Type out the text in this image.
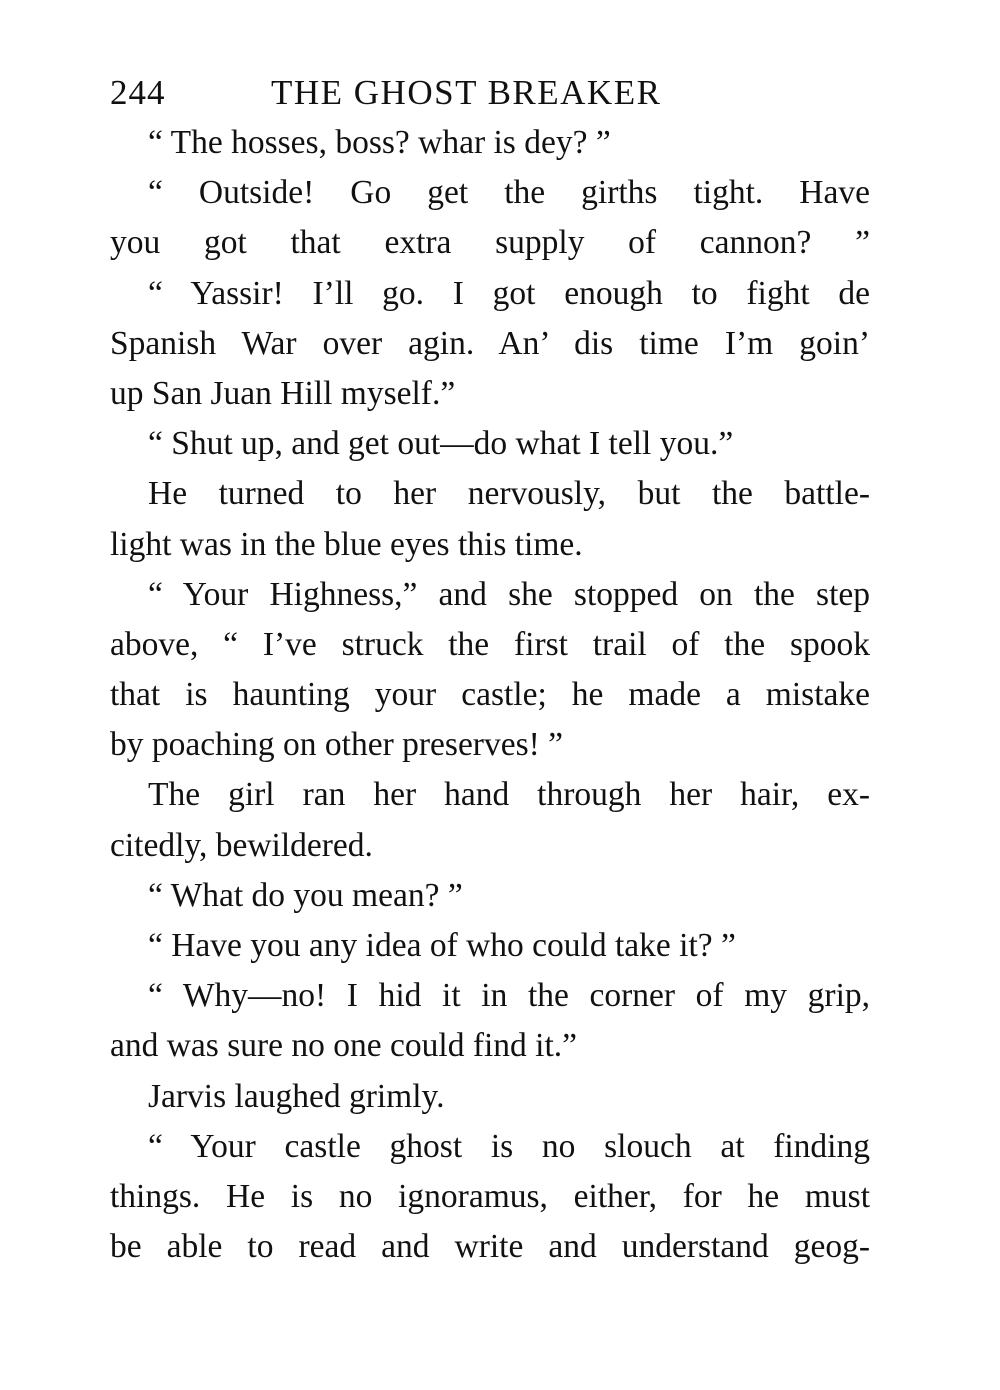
244	THE GHOST BREAKER
“ The hosses, boss? whar is dey? ”
“ Outside! Go get the girths tight. Have
you got that extra supply of cannon? ”
“ Yassir! I’ll go. I got enough to fight de
Spanish War over agin. An’ dis time I’m goin’
up San Juan Hill myself.”
“ Shut up, and get out—do what I tell you.”
He turned to her nervously, but the battle-
light was in the blue eyes this time.
“ Your Highness,” and she stopped on the step
above, “ I’ve struck the first trail of the spook
that is haunting your castle; he made a mistake
by poaching on other preserves! ”
The girl ran her hand through her hair, ex-
citedly, bewildered.
“ What do you mean? ”
“ Have you any idea of who could take it? ”
“ Why—no! I hid it in the corner of my grip,
and was sure no one could find it.”
Jarvis laughed grimly.
“ Your castle ghost is no slouch at finding
things. He is no ignoramus, either, for he must
be able to read and write and understand geog-
